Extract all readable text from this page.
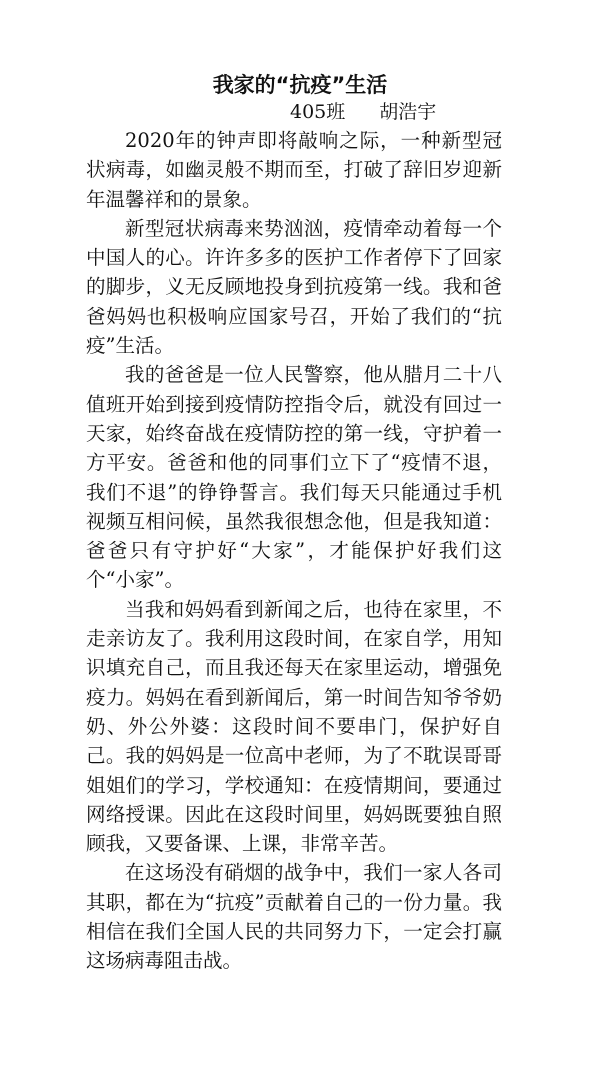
我家的“抗疫”生活
405班 胡浩宇

2020年的钟声即将敲响之际，一种新型冠状病毒，如幽灵般不期而至，打破了辞旧岁迎新年温馨祥和的景象。

新型冠状病毒来势汹汹，疫情牵动着每一个中国人的心。许许多多的医护工作者停下了回家的脚步，义无反顾地投身到抗疫第一线。我和爸爸妈妈也积极响应国家号召，开始了我们的“抗疫”生活。

我的爸爸是一位人民警察，他从腊月二十八值班开始到接到疫情防控指令后，就没有回过一天家，始终奋战在疫情防控的第一线，守护着一方平安。爸爸和他的同事们立下了“疫情不退，我们不退”的铮铮誓言。我们每天只能通过手机视频互相问候，虽然我很想念他，但是我知道：爸爸只有守护好“大家”，才能保护好我们这个“小家”。

当我和妈妈看到新闻之后，也待在家里，不走亲访友了。我利用这段时间，在家自学，用知识填充自己，而且我还每天在家里运动，增强免疫力。妈妈在看到新闻后，第一时间告知爷爷奶奶、外公外婆：这段时间不要串门，保护好自己。我的妈妈是一位高中老师，为了不耽误哥哥姐姐们的学习，学校通知：在疫情期间，要通过网络授课。因此在这段时间里，妈妈既要独自照顾我，又要备课、上课，非常辛苦。

在这场没有硝烟的战争中，我们一家人各司其职，都在为“抗疫”贡献着自己的一份力量。我相信在我们全国人民的共同努力下，一定会打赢这场病毒阻击战。
